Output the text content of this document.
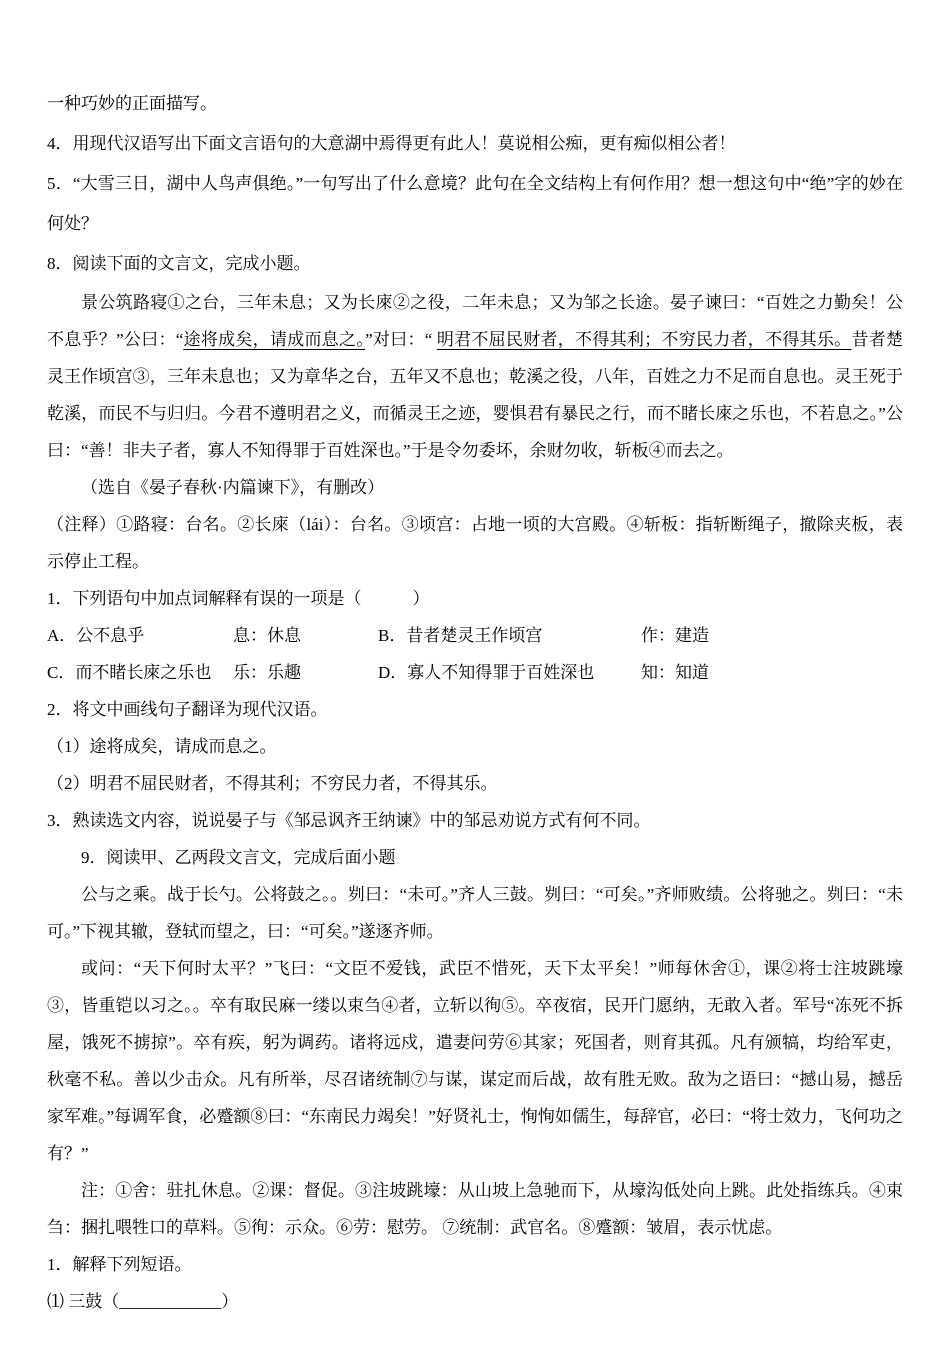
一种巧妙的正面描写。

4．用现代汉语写出下面文言语句的大意湖中焉得更有此人！莫说相公痴，更有痴似相公者！

5．“大雪三日，湖中人鸟声俱绝。”一句写出了什么意境？此句在全文结构上有何作用？想一想这句中“绝”字的妙在何处？

8．阅读下面的文言文，完成小题。

景公筑路寝①之台，三年未息；又为长庲②之役，二年未息；又为邹之长途。晏子谏曰：“百姓之力勤矣！公不息乎？”公曰：“途将成矣，请成而息之。”对曰：“ 明君不屈民财者，不得其利；不穷民力者，不得其乐。昔者楚灵王作顷宫③，三年未息也；又为章华之台，五年又不息也；乾溪之役，八年，百姓之力不足而自息也。灵王死于乾溪，而民不与归归。今君不遵明君之义，而循灵王之迹，婴惧君有暴民之行，而不睹长庲之乐也，不若息之。”公曰：“善！非夫子者，寡人不知得罪于百姓深也。”于是令勿委坏，余财勿收，斩板④而去之。

（选自《晏子春秋·内篇谏下》，有删改）

（注释）①路寝：台名。②长庲（lái）：台名。③顷宫：占地一顷的大宫殿。④斩板：指斩断绳子，撤除夹板，表示停止工程。

1．下列语句中加点词解释有误的一项是（　　　）

A．公不息乎	息：休息	B．昔者楚灵王作顷宫	作：建造
C．而不睹长庲之乐也	乐：乐趣	D．寡人不知得罪于百姓深也	知：知道

2．将文中画线句子翻译为现代汉语。

（1）途将成矣，请成而息之。

（2）明君不屈民财者，不得其利；不穷民力者，不得其乐。

3．熟读选文内容，说说晏子与《邹忌讽齐王纳谏》中的邹忌劝说方式有何不同。

9．阅读甲、乙两段文言文，完成后面小题

公与之乘。战于长勺。公将鼓之。。刿曰：“未可。”齐人三鼓。刿曰：“可矣。”齐师败绩。公将驰之。刿曰：“未可。”下视其辙，登轼而望之，曰：“可矣。”遂逐齐师。

或问：“天下何时太平？”飞曰：“文臣不爱钱，武臣不惜死，天下太平矣！”师每休舍①，课②将士注坡跳壕③，皆重铠以习之。。卒有取民麻一缕以束刍④者，立斩以徇⑤。卒夜宿，民开门愿纳，无敢入者。军号“冻死不拆屋，饿死不掳掠”。卒有疾，躬为调药。诸将远戍，遣妻问劳⑥其家；死国者，则育其孤。凡有颁犒，均给军吏，秋毫不私。善以少击众。凡有所举，尽召诸统制⑦与谋，谋定而后战，故有胜无败。敌为之语曰：“撼山易，撼岳家军难。”每调军食，必蹙额⑧曰：“东南民力竭矣！”好贤礼士，恂恂如儒生，每辞官，必曰：“将士效力，飞何功之有？”

注：①舍：驻扎休息。②课：督促。③注坡跳壕：从山坡上急驰而下，从壕沟低处向上跳。此处指练兵。④束刍：捆扎喂牲口的草料。⑤徇：示众。⑥劳：慰劳。 ⑦统制：武官名。⑧蹙额：皱眉，表示忧虑。

1．解释下列短语。

⑴ 三鼓（____________）
